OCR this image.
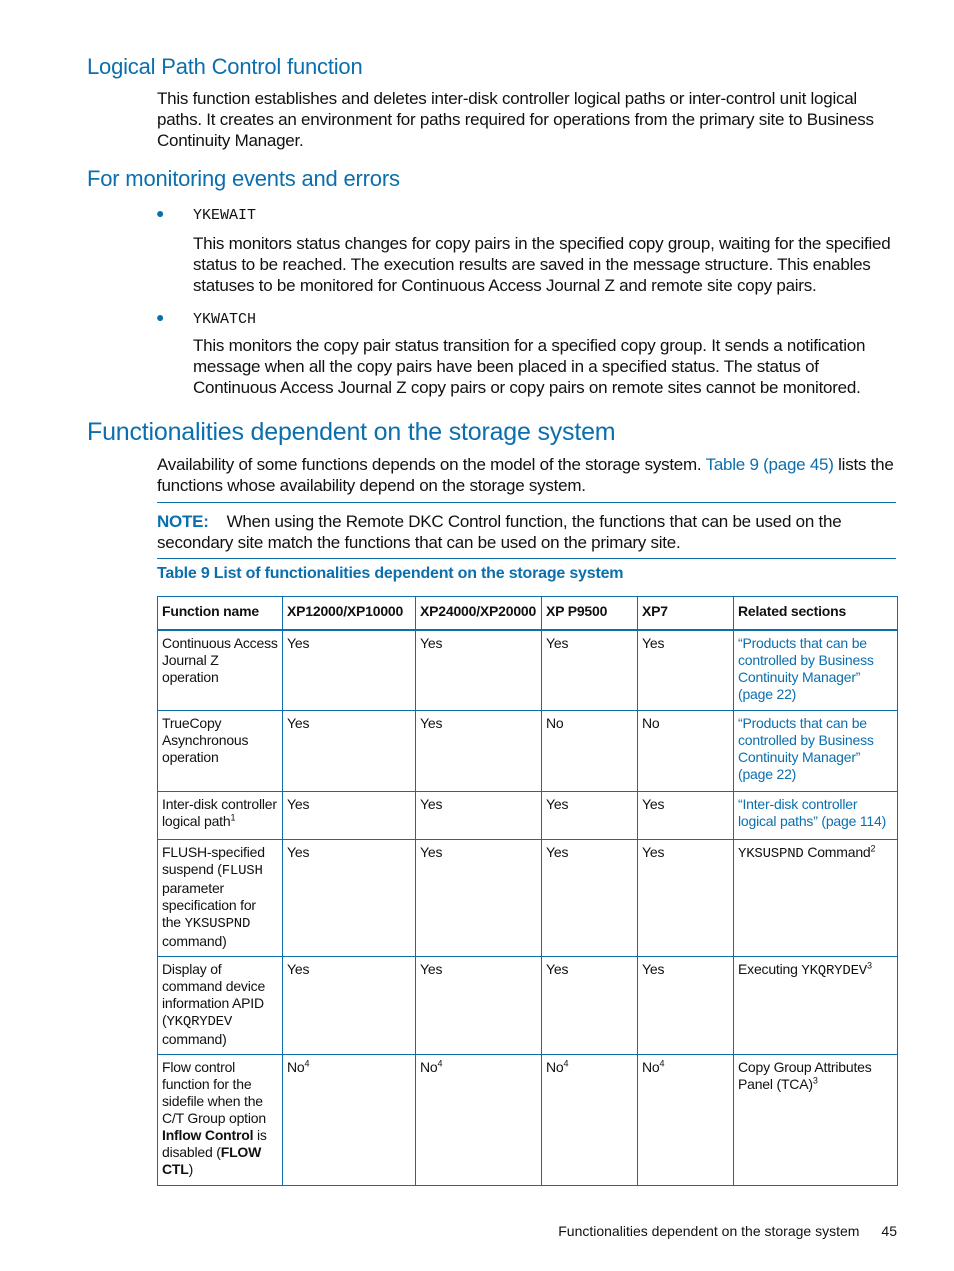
Logical Path Control function

This function establishes and deletes inter-disk controller logical paths or inter-control unit logical paths. It creates an environment for paths required for operations from the primary site to Business Continuity Manager.

For monitoring events and errors
● YKEWAIT

This monitors status changes for copy pairs in the specified copy group, waiting for the specified status to be reached. The execution results are saved in the message structure. This enables statuses to be monitored for Continuous Access Journal Z and remote site copy pairs.

● YKWATCH

This monitors the copy pair status transition for a specified copy group. It sends a notification message when all the copy pairs have been placed in a specified status. The status of Continuous Access Journal Z copy pairs or copy pairs on remote sites cannot be monitored.

Functionalities dependent on the storage system

Availability of some functions depends on the model of the storage system. Table 9 (page 45) lists the functions whose availability depend on the storage system.

NOTE: When using the Remote DKC Control function, the functions that can be used on the secondary site match the functions that can be used on the primary site.
Table 9 List of functionalities dependent on the storage system
Function name	XP12000/XP10000	XP24000/XP20000	XP P9500	XP7	Related sections
Continuous Access Journal Z operation	Yes	Yes	Yes	Yes	“Products that can be controlled by Business Continuity Manager” (page 22)
TrueCopy Asynchronous operation	Yes	Yes	No	No	“Products that can be controlled by Business Continuity Manager” (page 22)
Inter-disk controller logical path$^1$	Yes	Yes	Yes	Yes	“Inter-disk controller logical paths” (page 114)
FLUSH-specified suspend (FLUSH parameter specification for the YKSUSPND command)	Yes	Yes	Yes	Yes	YKSUSPND Command$^2$
Display of command device information APID (YKQRYDEV command)	Yes	Yes	Yes	Yes	Executing YKQRYDEV$^3$
Flow control function for the sidefile when the C/T Group option Inflow Control is disabled (FLOW CTL)	No$^4$	No$^4$	No$^4$	No$^4$	Copy Group Attributes Panel (TCA)$^3$
Functionalities dependent on the storage system 45
